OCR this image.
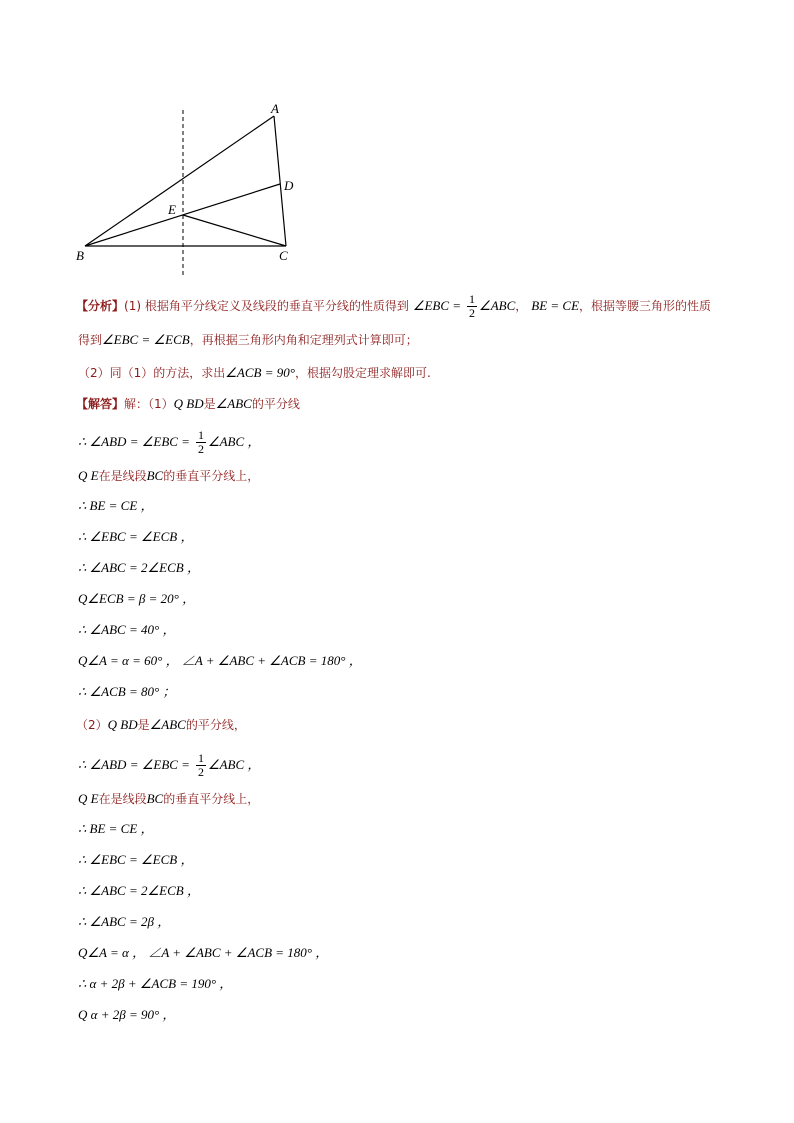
A
B	C
D
E
【分析】(1) 根据角平分线定义及线段的垂直平分线的性质得到 ∠EBC = $\frac{1}{2}$ ∠ABC， BE = CE，根据等腰三角形的性质
得到∠EBC = ∠ECB，再根据三角形内角和定理列式计算即可；
（2）同（1）的方法，求出∠ACB = 90°，根据勾股定理求解即可.
【解答】解：（1）Q BD是∠ABC的平分线
∴ ∠ABD = ∠EBC = $\frac{1}{2}$ ∠ABC ，
Q E在是线段BC的垂直平分线上，
∴ BE = CE ，
∴ ∠EBC = ∠ECB ，
∴ ∠ABC = 2∠ECB ，
Q∠ECB = β = 20° ，
∴ ∠ABC = 40° ，
Q∠A = α = 60° ， ∠A + ∠ABC + ∠ACB = 180° ，
∴ ∠ACB = 80° ；
（2）Q BD是∠ABC的平分线，
∴ ∠ABD = ∠EBC = $\frac{1}{2}$ ∠ABC ，
Q E在是线段BC的垂直平分线上，
∴ BE = CE ，
∴ ∠EBC = ∠ECB ，
∴ ∠ABC = 2∠ECB ，
∴ ∠ABC = 2β ，
Q∠A = α ， ∠A + ∠ABC + ∠ACB = 180° ，
∴ α + 2β + ∠ACB = 190° ，
Q α + 2β = 90° ，
